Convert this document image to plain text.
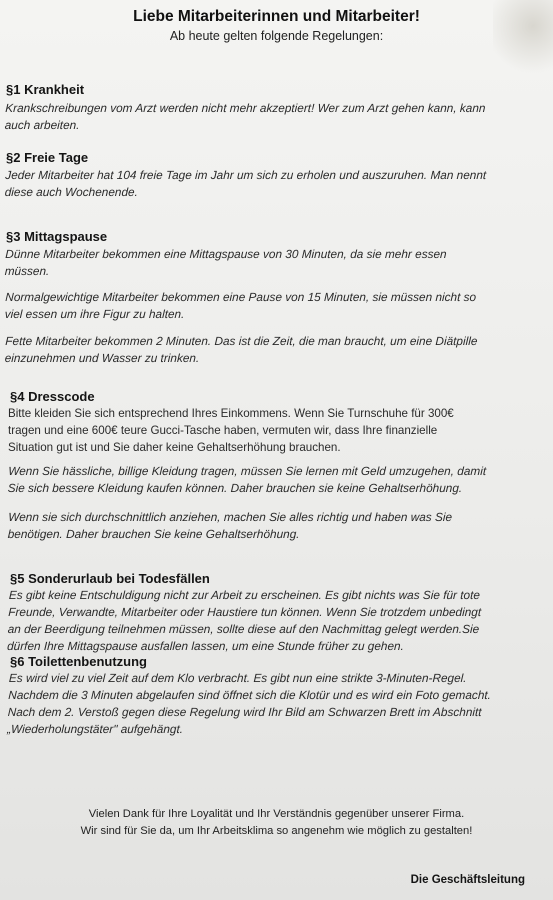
Liebe Mitarbeiterinnen und Mitarbeiter!
Ab heute gelten folgende Regelungen:
§1 Krankheit
Krankschreibungen vom Arzt werden nicht mehr akzeptiert! Wer zum Arzt gehen kann, kann
auch arbeiten.
§2 Freie Tage
Jeder Mitarbeiter hat 104 freie Tage im Jahr um sich zu erholen und auszuruhen. Man nennt
diese auch Wochenende.
§3 Mittagspause
Dünne Mitarbeiter bekommen eine Mittagspause von 30 Minuten, da sie mehr essen
müssen.
Normalgewichtige Mitarbeiter bekommen eine Pause von 15 Minuten, sie müssen nicht so
viel essen um ihre Figur zu halten.
Fette Mitarbeiter bekommen 2 Minuten. Das ist die Zeit, die man braucht, um eine Diätpille
einzunehmen und Wasser zu trinken.
§4 Dresscode
Bitte kleiden Sie sich entsprechend Ihres Einkommens. Wenn Sie Turnschuhe für 300€
tragen und eine 600€ teure Gucci-Tasche haben, vermuten wir, dass Ihre finanzielle
Situation gut ist und Sie daher keine Gehaltserhöhung brauchen.
Wenn Sie hässliche, billige Kleidung tragen, müssen Sie lernen mit Geld umzugehen, damit
Sie sich bessere Kleidung kaufen können. Daher brauchen sie keine Gehaltserhöhung.
Wenn sie sich durchschnittlich anziehen, machen Sie alles richtig und haben was Sie
benötigen. Daher brauchen Sie keine Gehaltserhöhung.
§5 Sonderurlaub bei Todesfällen
Es gibt keine Entschuldigung nicht zur Arbeit zu erscheinen. Es gibt nichts was Sie für tote
Freunde, Verwandte, Mitarbeiter oder Haustiere tun können. Wenn Sie trotzdem unbedingt
an der Beerdigung teilnehmen müssen, sollte diese auf den Nachmittag gelegt werden.Sie
dürfen Ihre Mittagspause ausfallen lassen, um eine Stunde früher zu gehen.
§6 Toilettenbenutzung
Es wird viel zu viel Zeit auf dem Klo verbracht. Es gibt nun eine strikte 3-Minuten-Regel.
Nachdem die 3 Minuten abgelaufen sind öffnet sich die Klotür und es wird ein Foto gemacht.
Nach dem 2. Verstoß gegen diese Regelung wird Ihr Bild am Schwarzen Brett im Abschnitt
„Wiederholungstäter" aufgehängt.
Vielen Dank für Ihre Loyalität und Ihr Verständnis gegenüber unserer Firma.
Wir sind für Sie da, um Ihr Arbeitsklima so angenehm wie möglich zu gestalten!
Die Geschäftsleitung
